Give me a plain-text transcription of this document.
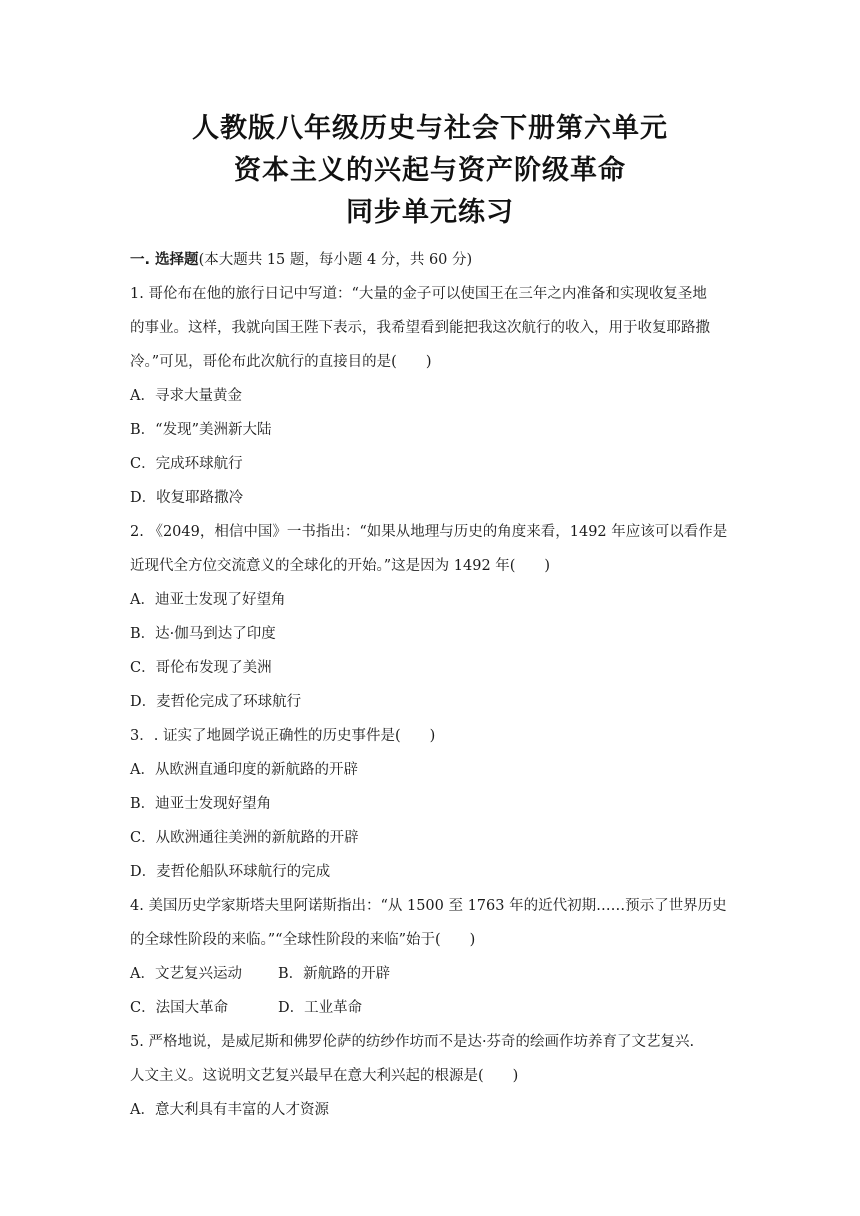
人教版八年级历史与社会下册第六单元
资本主义的兴起与资产阶级革命
同步单元练习
一. 选择题(本大题共 15 题，每小题 4 分，共 60 分)
1. 哥伦布在他的旅行日记中写道：“大量的金子可以使国王在三年之内准备和实现收复圣地
的事业。这样，我就向国王陛下表示，我希望看到能把我这次航行的收入，用于收复耶路撒
冷。”可见，哥伦布此次航行的直接目的是(　　)
A．寻求大量黄金
B．“发现”美洲新大陆
C．完成环球航行
D．收复耶路撒冷
2. 《2049，相信中国》一书指出：“如果从地理与历史的角度来看，1492 年应该可以看作是
近现代全方位交流意义的全球化的开始。”这是因为 1492 年(　　)
A．迪亚士发现了好望角
B．达·伽马到达了印度
C．哥伦布发现了美洲
D．麦哲伦完成了环球航行
3．. 证实了地圆学说正确性的历史事件是(　　)
A．从欧洲直通印度的新航路的开辟
B．迪亚士发现好望角
C．从欧洲通往美洲的新航路的开辟
D．麦哲伦船队环球航行的完成
4. 美国历史学家斯塔夫里阿诺斯指出：“从 1500 至 1763 年的近代初期……预示了世界历史
的全球性阶段的来临。”“全球性阶段的来临”始于(　　)
A．文艺复兴运动	B．新航路的开辟
C．法国大革命	D．工业革命
5. 严格地说，是威尼斯和佛罗伦萨的纺纱作坊而不是达·芬奇的绘画作坊养育了文艺复兴.
人文主义。这说明文艺复兴最早在意大利兴起的根源是(　　)
A．意大利具有丰富的人才资源
